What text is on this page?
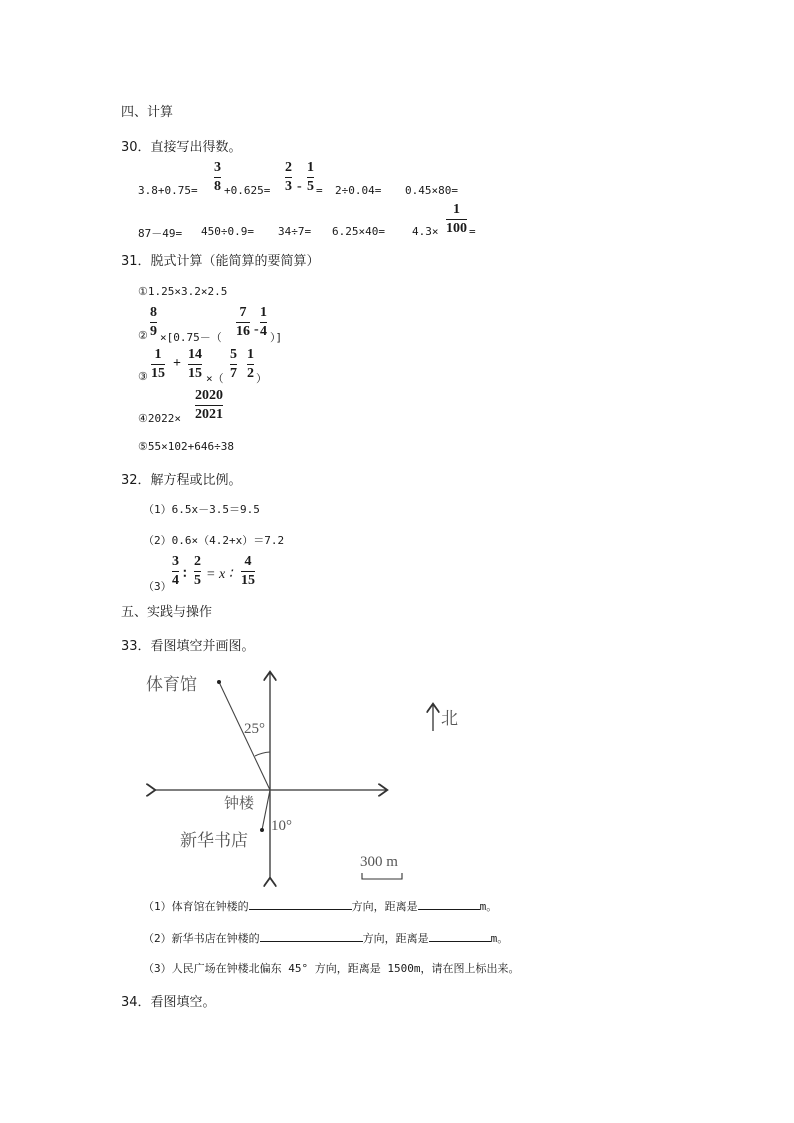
四、计算
30．直接写出得数。
3.8+0.75=
3
8 +0.625=
2
3 -
1
5 = 2÷0.04= 0.45×80=
87－49= 450÷0.9= 34÷7= 6.25×40= 4.3×
1
100 =
31．脱式计算（能简算的要简算）
①1.25×3.2×2.5
②
8
9 ×[0.75－（
7
16 -
1
4 ）]
③
1
15
+
14
15 ×（
5
7
1
2 ）
④2022×
2020
2021
⑤55×102+646÷38
32．解方程或比例。
（1）6.5x－3.5＝9.5
（2）0.6×（4.2+x）＝7.2
（3）
3
4 ∶
2
5 = x ∶
4
15
五、实践与操作
33．看图填空并画图。
体育馆
25°
北
钟楼
10°
新华书店
300 m
（1）体育馆在钟楼的	方向，距离是	m。
（2）新华书店在钟楼的	方向，距离是	m。
（3）人民广场在钟楼北偏东 45° 方向，距离是 1500m，请在图上标出来。
34．看图填空。
